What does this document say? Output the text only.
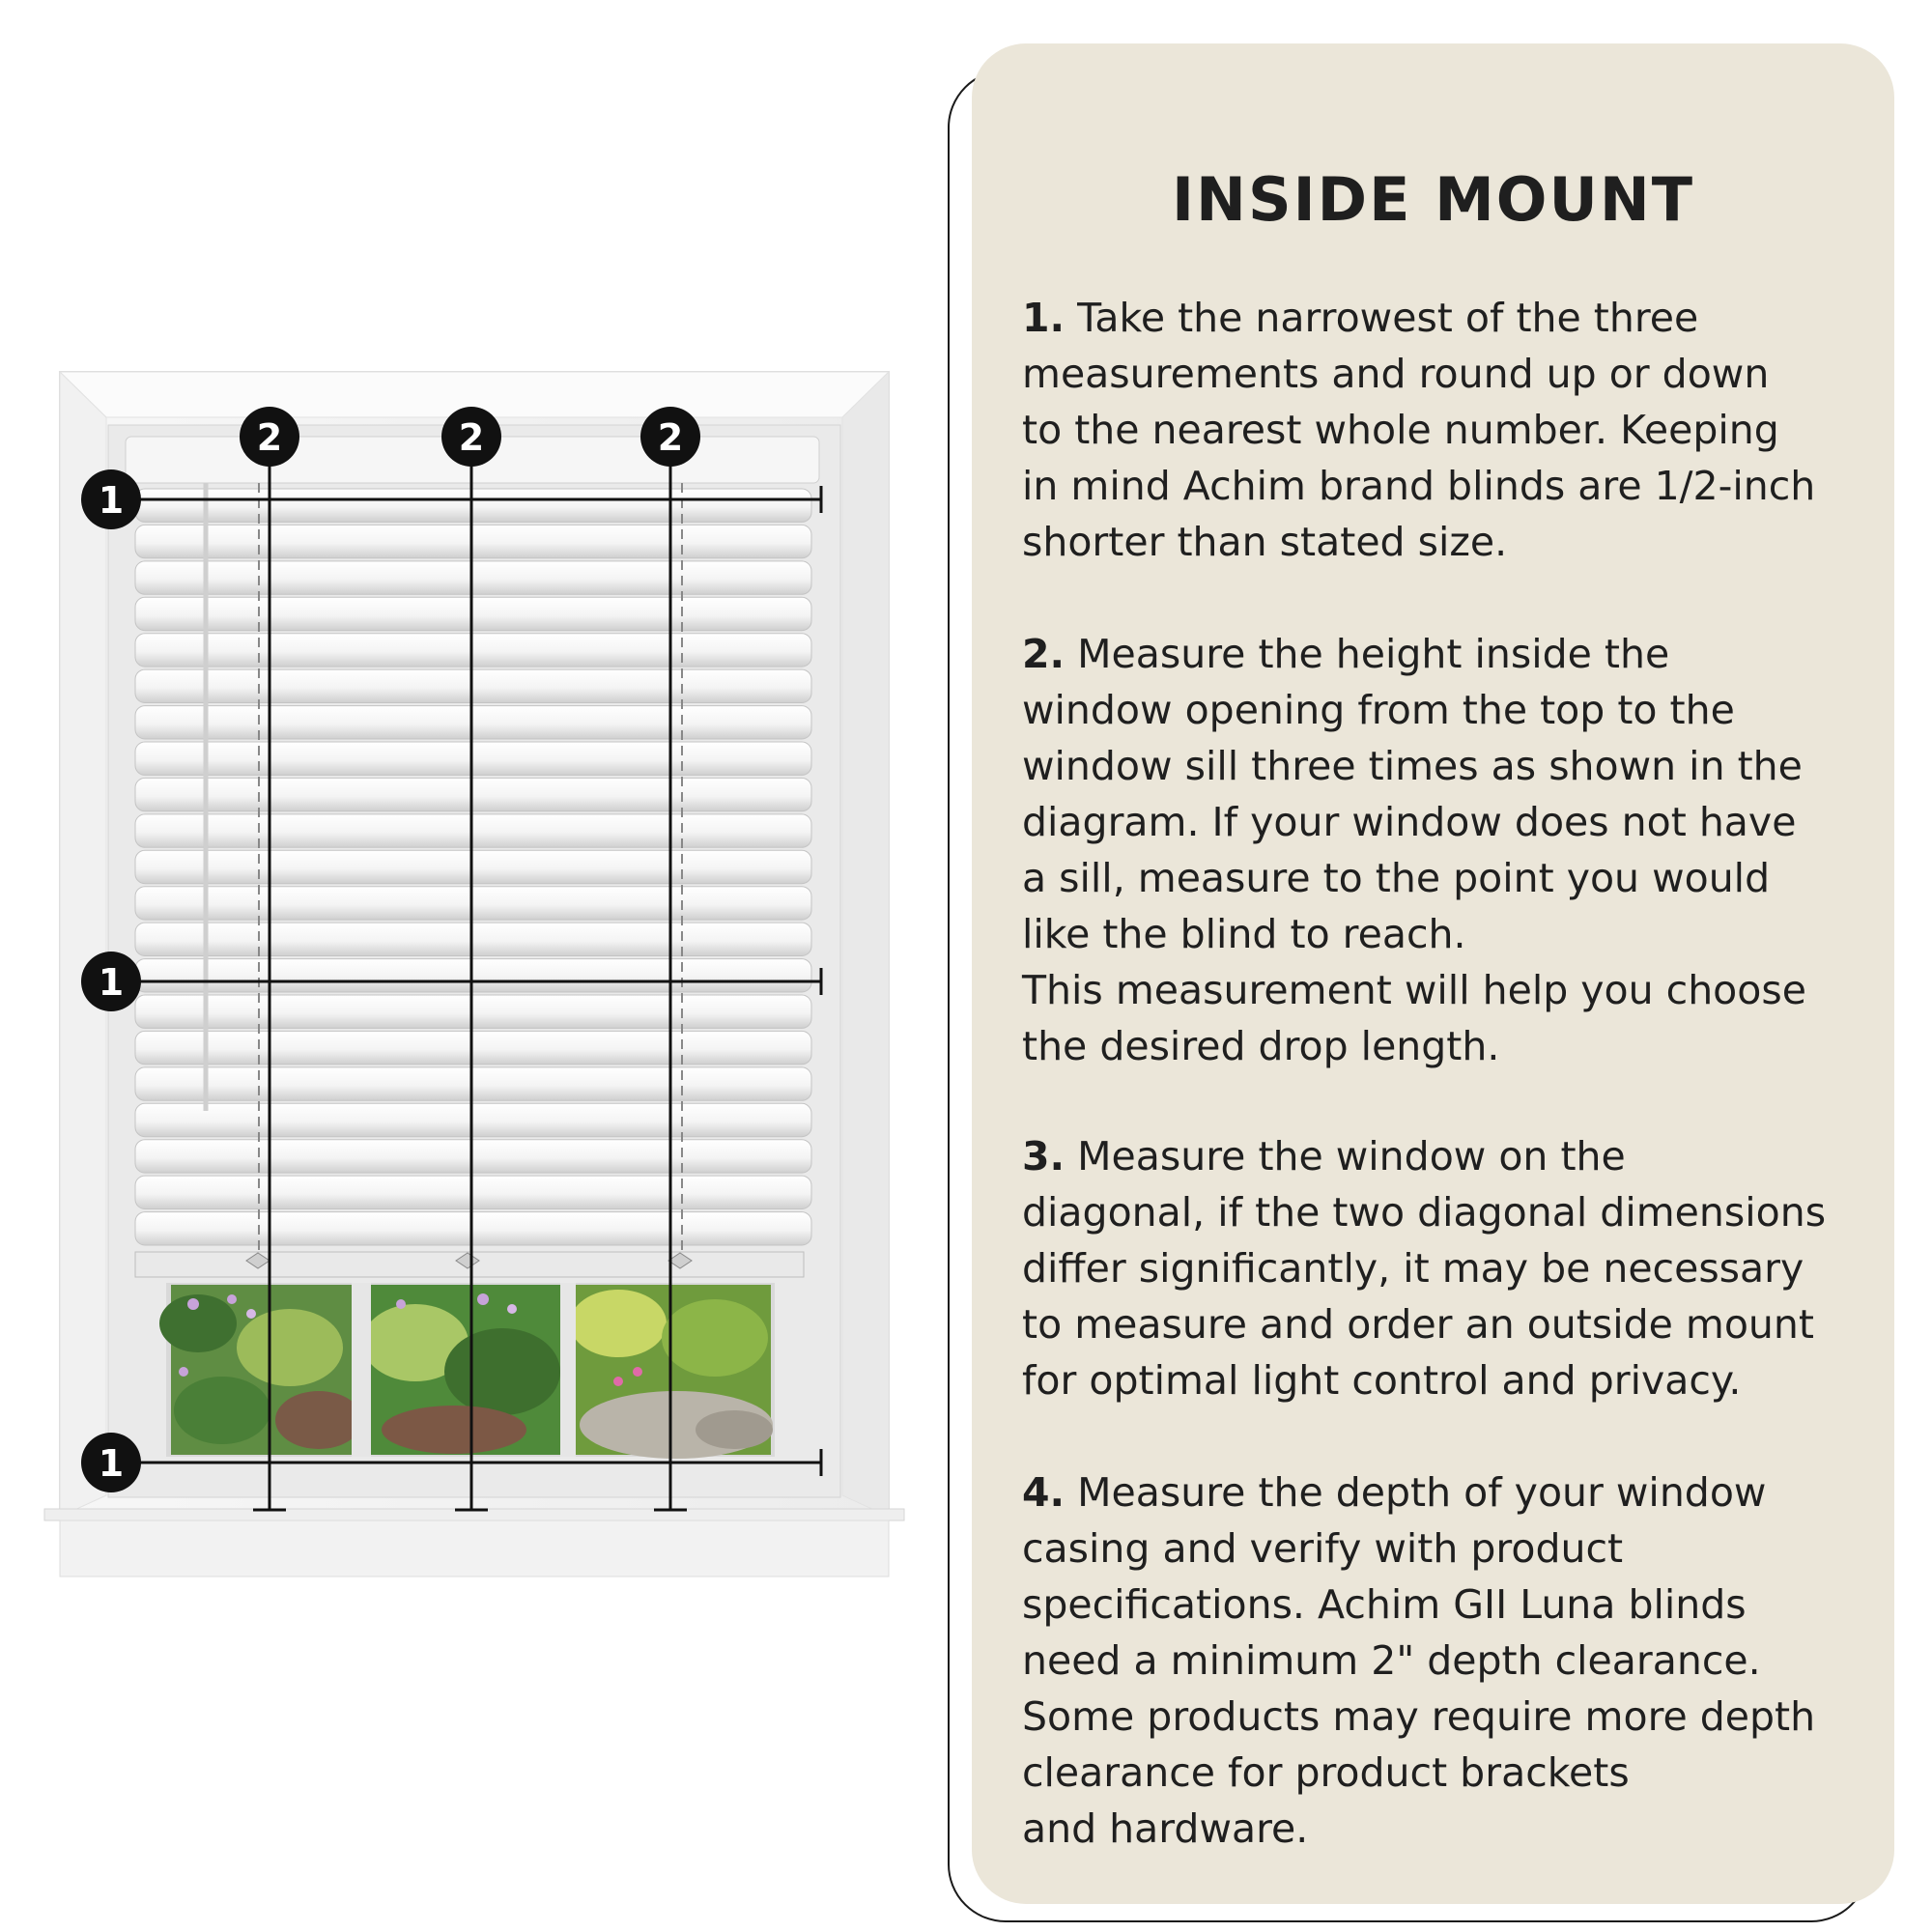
2	2	2
1
1
1
INSIDE MOUNT
1. Take the narrowest of the three
measurements and round up or down
to the nearest whole number. Keeping
in mind Achim brand blinds are 1/2-inch
shorter than stated size.
2. Measure the height inside the
window opening from the top to the
window sill three times as shown in the
diagram. If your window does not have
a sill, measure to the point you would
like the blind to reach.
This measurement will help you choose
the desired drop length.
3. Measure the window on the
diagonal, if the two diagonal dimensions
differ significantly, it may be necessary
to measure and order an outside mount
for optimal light control and privacy.
4. Measure the depth of your window
casing and verify with product
specifications. Achim GII Luna blinds
need a minimum 2" depth clearance.
Some products may require more depth
clearance for product brackets
and hardware.
